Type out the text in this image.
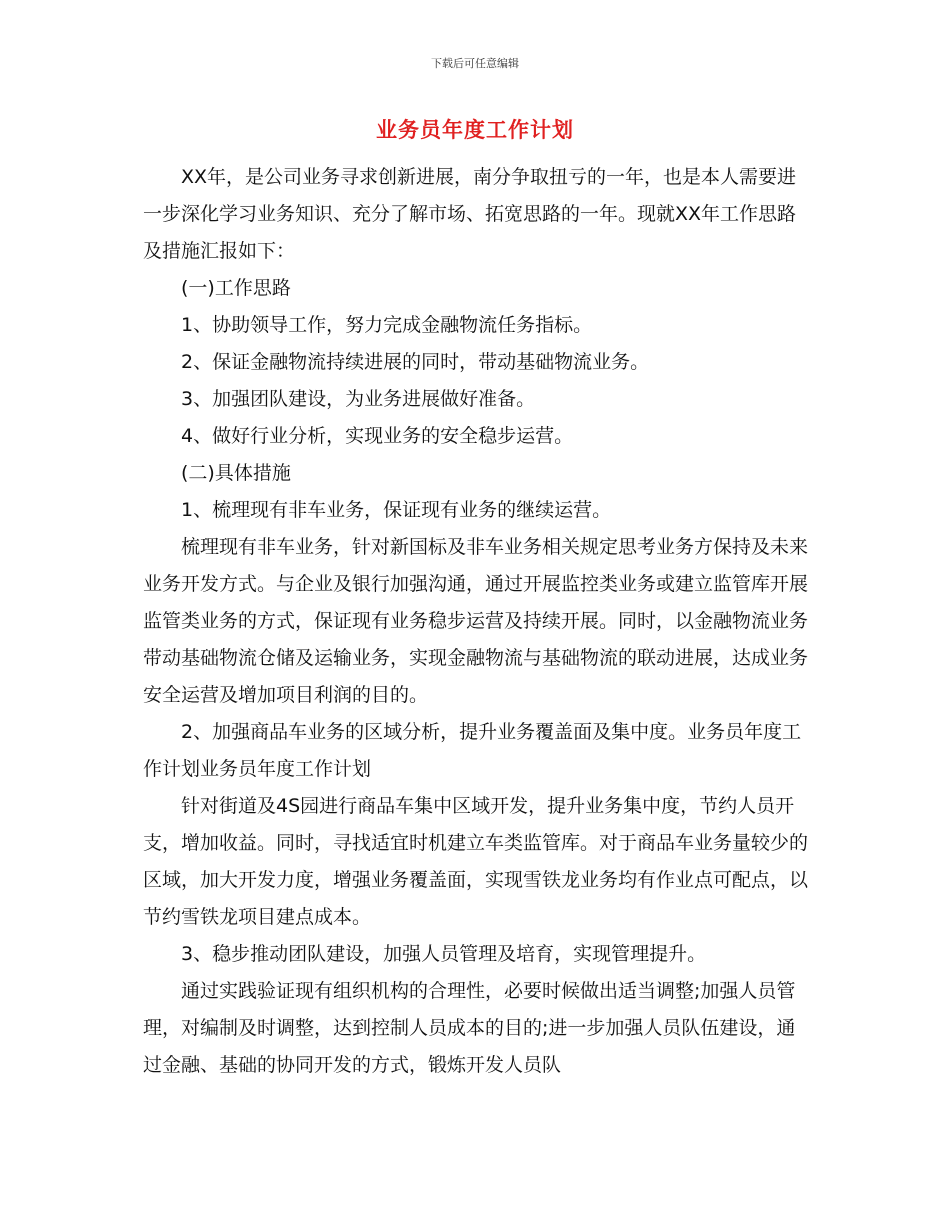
下载后可任意编辑
业务员年度工作计划

XX年，是公司业务寻求创新进展，南分争取扭亏的一年，也是本人需要进一步深化学习业务知识、充分了解市场、拓宽思路的一年。现就XX年工作思路及措施汇报如下：

(一)工作思路

1、协助领导工作，努力完成金融物流任务指标。

2、保证金融物流持续进展的同时，带动基础物流业务。

3、加强团队建设，为业务进展做好准备。

4、做好行业分析，实现业务的安全稳步运营。

(二)具体措施

1、梳理现有非车业务，保证现有业务的继续运营。

梳理现有非车业务，针对新国标及非车业务相关规定思考业务方保持及未来业务开发方式。与企业及银行加强沟通，通过开展监控类业务或建立监管库开展监管类业务的方式，保证现有业务稳步运营及持续开展。同时，以金融物流业务带动基础物流仓储及运输业务，实现金融物流与基础物流的联动进展，达成业务安全运营及增加项目利润的目的。

2、加强商品车业务的区域分析，提升业务覆盖面及集中度。业务员年度工作计划业务员年度工作计划

针对街道及4S园进行商品车集中区域开发，提升业务集中度，节约人员开支，增加收益。同时，寻找适宜时机建立车类监管库。对于商品车业务量较少的区域，加大开发力度，增强业务覆盖面，实现雪铁龙业务均有作业点可配点，以节约雪铁龙项目建点成本。

3、稳步推动团队建设，加强人员管理及培育，实现管理提升。

通过实践验证现有组织机构的合理性，必要时候做出适当调整;加强人员管理，对编制及时调整，达到控制人员成本的目的;进一步加强人员队伍建设，通过金融、基础的协同开发的方式，锻炼开发人员队
